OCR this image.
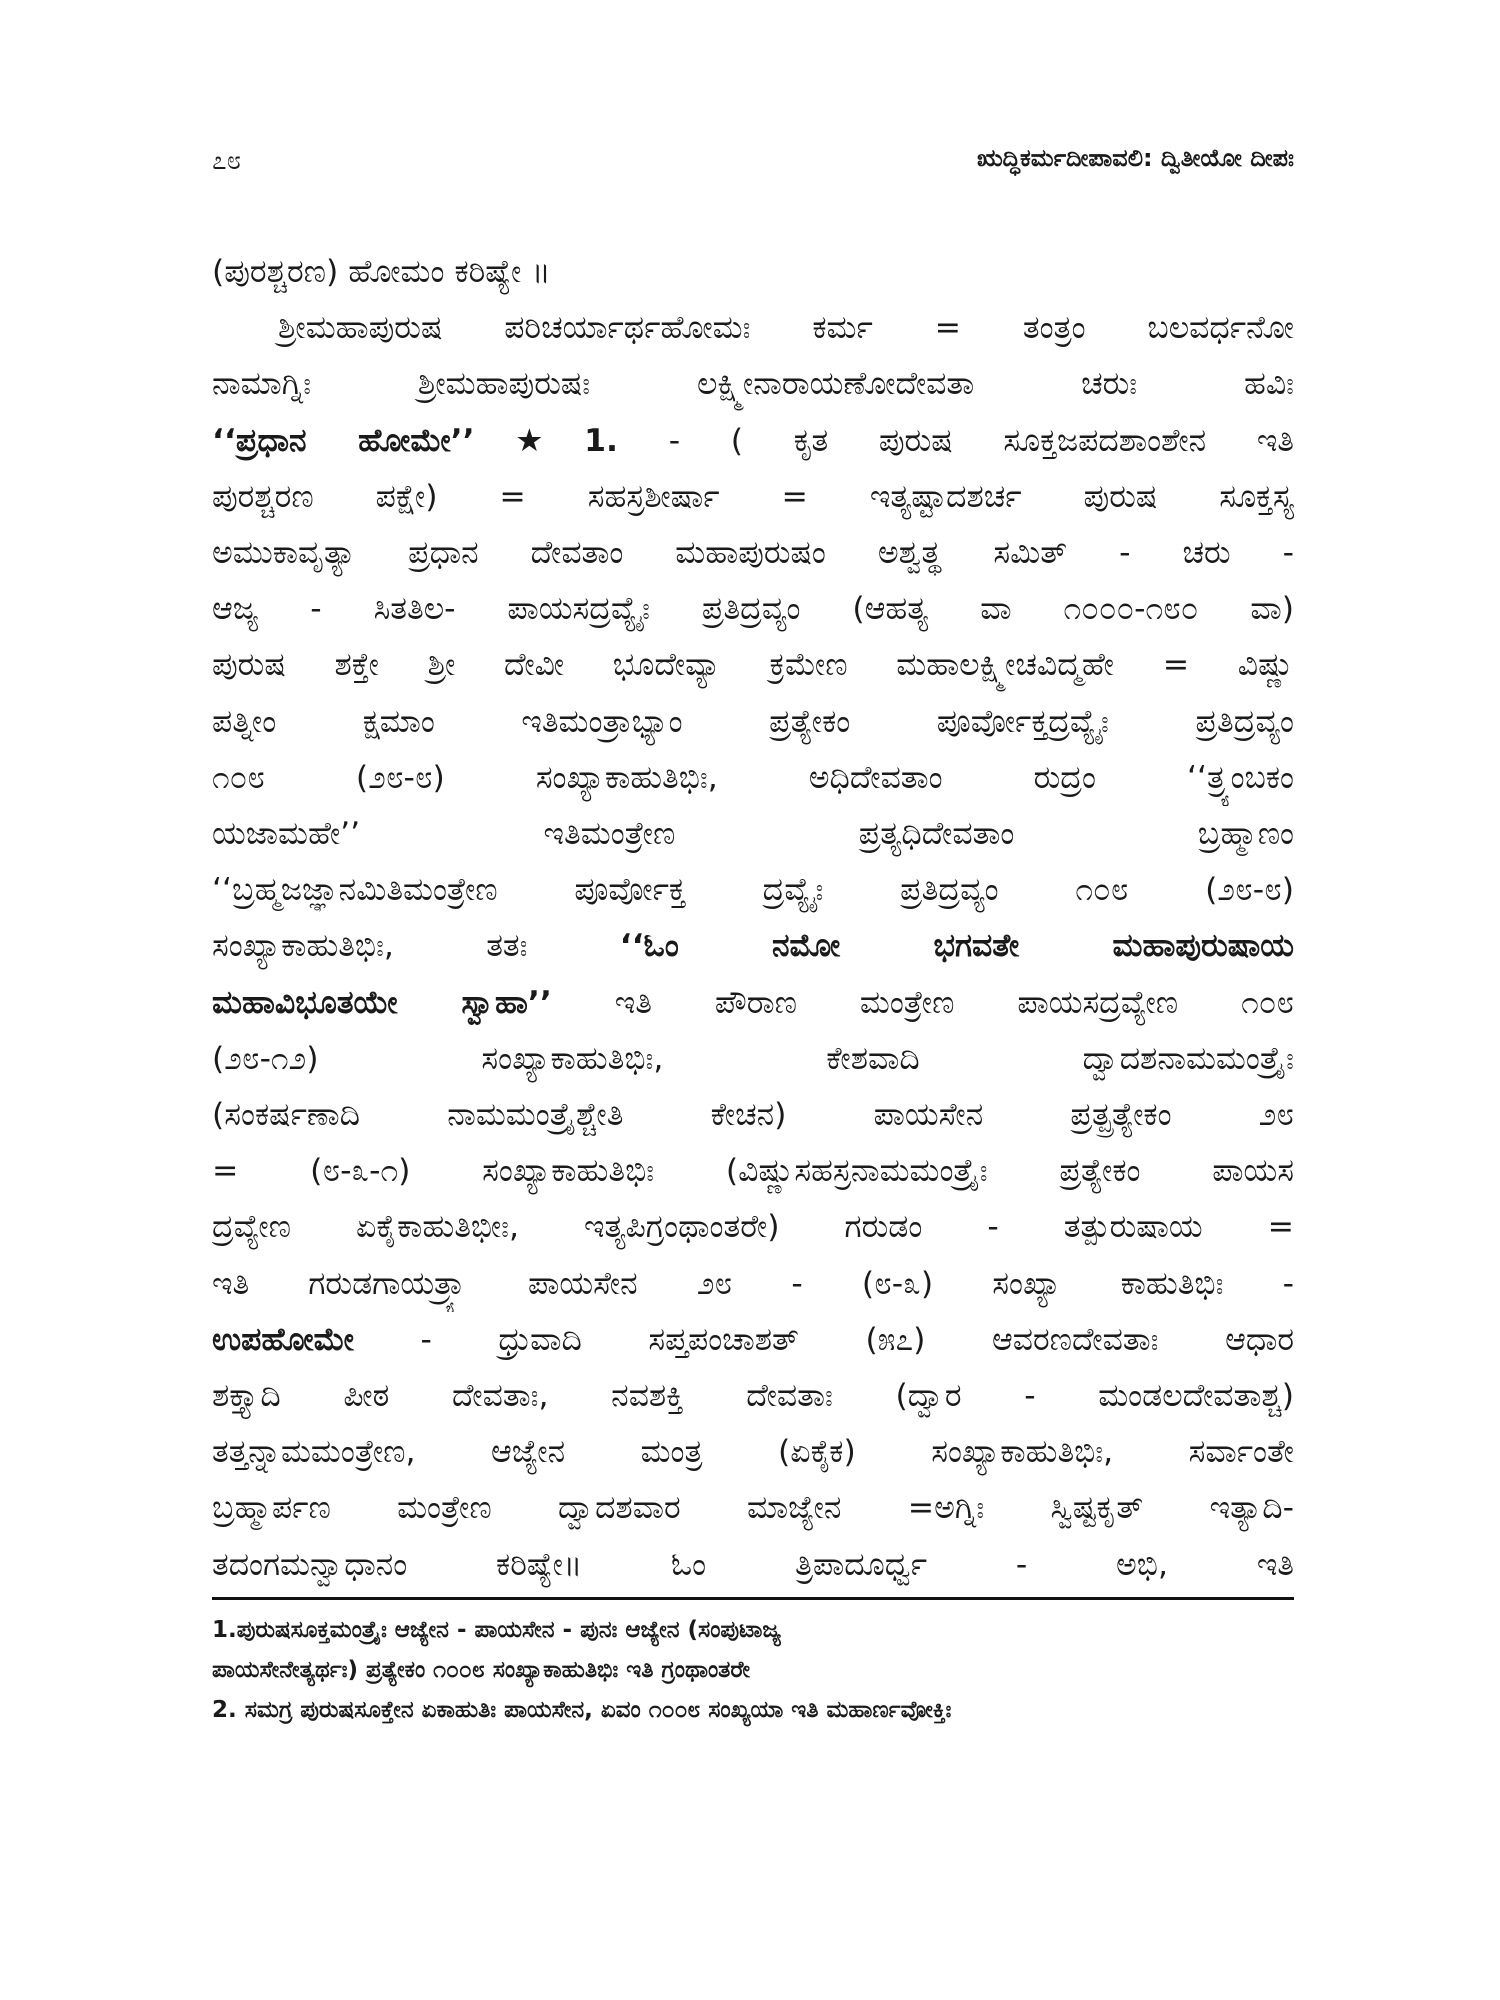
೭೮	ಋದ್ಧಿಕರ್ಮದೀಪಾವಲಿ: ದ್ವಿತೀಯೋ ದೀಪಃ
(ಪುರಶ್ಚರಣ) ಹೋಮಂ ಕರಿಷ್ಯೇ ॥
ಶ್ರೀಮಹಾಪುರುಷ ಪರಿಚರ್ಯಾರ್ಥಹೋಮಃ ಕರ್ಮ = ತಂತ್ರಂ ಬಲವರ್ಧನೋ
ನಾಮಾಗ್ನಿಃ ಶ್ರೀಮಹಾಪುರುಷಃ ಲಕ್ಷ್ಮೀನಾರಾಯಣೋದೇವತಾ ಚರುಃ ಹವಿಃ
‘‘ಪ್ರಧಾನ ಹೋಮೇ’’★1. - ( ಕೃತ ಪುರುಷ ಸೂಕ್ತಜಪದಶಾಂಶೇನ ಇತಿ
ಪುರಶ್ಚರಣ ಪಕ್ಷೇ) = ಸಹಸ್ರಶೀರ್ಷಾ = ಇತ್ಯಷ್ಟಾದಶರ್ಚ ಪುರುಷ ಸೂಕ್ತಸ್ಯ
ಅಮುಕಾವೃತ್ಯಾ ಪ್ರಧಾನ ದೇವತಾಂ ಮಹಾಪುರುಷಂ ಅಶ್ವತ್ಥ ಸಮಿತ್ - ಚರು -
ಆಜ್ಯ - ಸಿತತಿಲ- ಪಾಯಸದ್ರವ್ಯೈಃ ಪ್ರತಿದ್ರವ್ಯಂ (ಆಹತ್ಯ ವಾ ೧೦೦೦-೧೮೦ ವಾ)
ಪುರುಷ ಶಕ್ತೇ ಶ್ರೀ ದೇವೀ ಭೂದೇವ್ಯಾ ಕ್ರಮೇಣ ಮಹಾಲಕ್ಷ್ಮೀಚವಿದ್ಮಹೇ = ವಿಷ್ಣು
ಪತ್ನೀಂ ಕ್ಷಮಾಂ ಇತಿಮಂತ್ರಾಭ್ಯಾಂ ಪ್ರತ್ಯೇಕಂ ಪೂರ್ವೋಕ್ತದ್ರವ್ಯೈಃ ಪ್ರತಿದ್ರವ್ಯಂ
೧೦೮ (೨೮-೮) ಸಂಖ್ಯಾಕಾಹುತಿಭಿಃ, ಅಧಿದೇವತಾಂ ರುದ್ರಂ ‘‘ತ್ರ್ಯಂಬಕಂ
ಯಜಾಮಹೇ’’ ಇತಿಮಂತ್ರೇಣ ಪ್ರತ್ಯಧಿದೇವತಾಂ ಬ್ರಹ್ಮಾಣಂ
‘‘ಬ್ರಹ್ಮಜಜ್ಞಾನಮಿತಿಮಂತ್ರೇಣ ಪೂರ್ವೋಕ್ತ ದ್ರವ್ಯೈಃ ಪ್ರತಿದ್ರವ್ಯಂ ೧೦೮ (೨೮-೮)
ಸಂಖ್ಯಾಕಾಹುತಿಭಿಃ, ತತಃ ‘‘ಓಂ ನಮೋ ಭಗವತೇ ಮಹಾಪುರುಷಾಯ
ಮಹಾವಿಭೂತಯೇ ಸ್ವಾಹಾ’’ ಇತಿ ಪೌರಾಣ ಮಂತ್ರೇಣ ಪಾಯಸದ್ರವ್ಯೇಣ ೧೦೮
(೨೮-೧೨) ಸಂಖ್ಯಾಕಾಹುತಿಭಿಃ, ಕೇಶವಾದಿ ದ್ವಾದಶನಾಮಮಂತ್ರೈಃ
(ಸಂಕರ್ಷಣಾದಿ ನಾಮಮಂತ್ರೈಶ್ಚೇತಿ ಕೇಚನ) ಪಾಯಸೇನ ಪ್ರತ್ಪ್ರತ್ಯೇಕಂ ೨೮
= (೮-೩-೧) ಸಂಖ್ಯಾಕಾಹುತಿಭಿಃ (ವಿಷ್ಣುಸಹಸ್ರನಾಮಮಂತ್ರೈಃ ಪ್ರತ್ಯೇಕಂ ಪಾಯಸ
ದ್ರವ್ಯೇಣ ಏಕೈಕಾಹುತಿಭೀಃ, ಇತ್ಯಪಿಗ್ರಂಥಾಂತರೇ) ಗರುಡಂ - ತತ್ಪುರುಷಾಯ =
ಇತಿ ಗರುಡಗಾಯತ್ರ್ಯಾ ಪಾಯಸೇನ ೨೮ - (೮-೩) ಸಂಖ್ಯಾ ಕಾಹುತಿಭಿಃ -
ಉಪಹೋಮೇ - ಧ್ರುವಾದಿ ಸಪ್ತಪಂಚಾಶತ್ (೫೭) ಆವರಣದೇವತಾಃ ಆಧಾರ
ಶಕ್ತ್ಯಾದಿ ಪೀಠ ದೇವತಾಃ, ನವಶಕ್ತಿ ದೇವತಾಃ (ದ್ವಾರ - ಮಂಡಲದೇವತಾಶ್ಚ)
ತತ್ತನ್ನಾಮಮಂತ್ರೇಣ, ಆಜ್ಯೇನ ಮಂತ್ರ (ಏಕೈಕ) ಸಂಖ್ಯಾಕಾಹುತಿಭಿಃ, ಸರ್ವಾಂತೇ
ಬ್ರಹ್ಮಾರ್ಪಣ ಮಂತ್ರೇಣ ದ್ವಾದಶವಾರ ಮಾಜ್ಯೇನ =ಅಗ್ನಿಃ ಸ್ವಿಷ್ಟಕೃತ್ ಇತ್ಯಾದಿ-
ತದಂಗಮನ್ವಾಧಾನಂ ಕರಿಷ್ಯೇ॥ ಓಂ ತ್ರಿಪಾದೂರ್ಧ್ವ - ಅಭಿ, ಇತಿ
1.ಪುರುಷಸೂಕ್ತಮಂತ್ರೈಃ ಆಜ್ಯೇನ - ಪಾಯಸೇನ - ಪುನಃ ಆಜ್ಯೇನ (ಸಂಪುಟಾಜ್ಯ
ಪಾಯಸೇನೇತ್ಯರ್ಥಃ) ಪ್ರತ್ಯೇಕಂ ೧೦೦೮ ಸಂಖ್ಯಾಕಾಹುತಿಭಿಃ ಇತಿ ಗ್ರಂಥಾಂತರೇ
2. ಸಮಗ್ರ ಪುರುಷಸೂಕ್ತೇನ ಏಕಾಹುತಿಃ ಪಾಯಸೇನ, ಏವಂ ೧೦೦೮ ಸಂಖ್ಯಯಾ ಇತಿ ಮಹಾರ್ಣವೋಕ್ತಿಃ
